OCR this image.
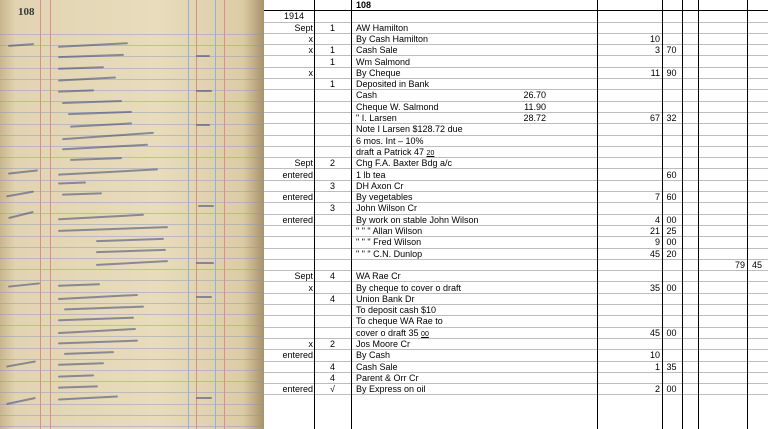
108
108
1914
Sept 1 AW Hamilton
x	By Cash Hamilton	10
x 1 Cash Sale	3 70
1 Wm Salmond
x	By Cheque	11 90
1 Deposited in Bank
Cash	26.70
Cheque W. Salmond	11.90
" I. Larsen	28.72	67 32
Note I Larsen $128.72 due
6 mos. Int – 10%
draft a Patrick 47 20
Sept 2 Chg F.A. Baxter Bdg a/c
entered	1 lb tea	60
3 DH Axon Cr
entered	By vegetables	7 60
3 John Wilson Cr
entered	By work on stable John Wilson	4 00
" " " Allan Wilson	21 25
" " " Fred Wilson	9 00
" " " C.N. Dunlop	45 20
79 45
Sept 4 WA Rae Cr
x	By cheque to cover o draft	35 00
4 Union Bank Dr
To deposit cash $10
To cheque WA Rae to
cover o draft 35 00	45 00
x 2 Jos Moore Cr
entered	By Cash	10
4 Cash Sale	1 35
4 Parent & Orr Cr
entered √ By Express on oil	2 00
